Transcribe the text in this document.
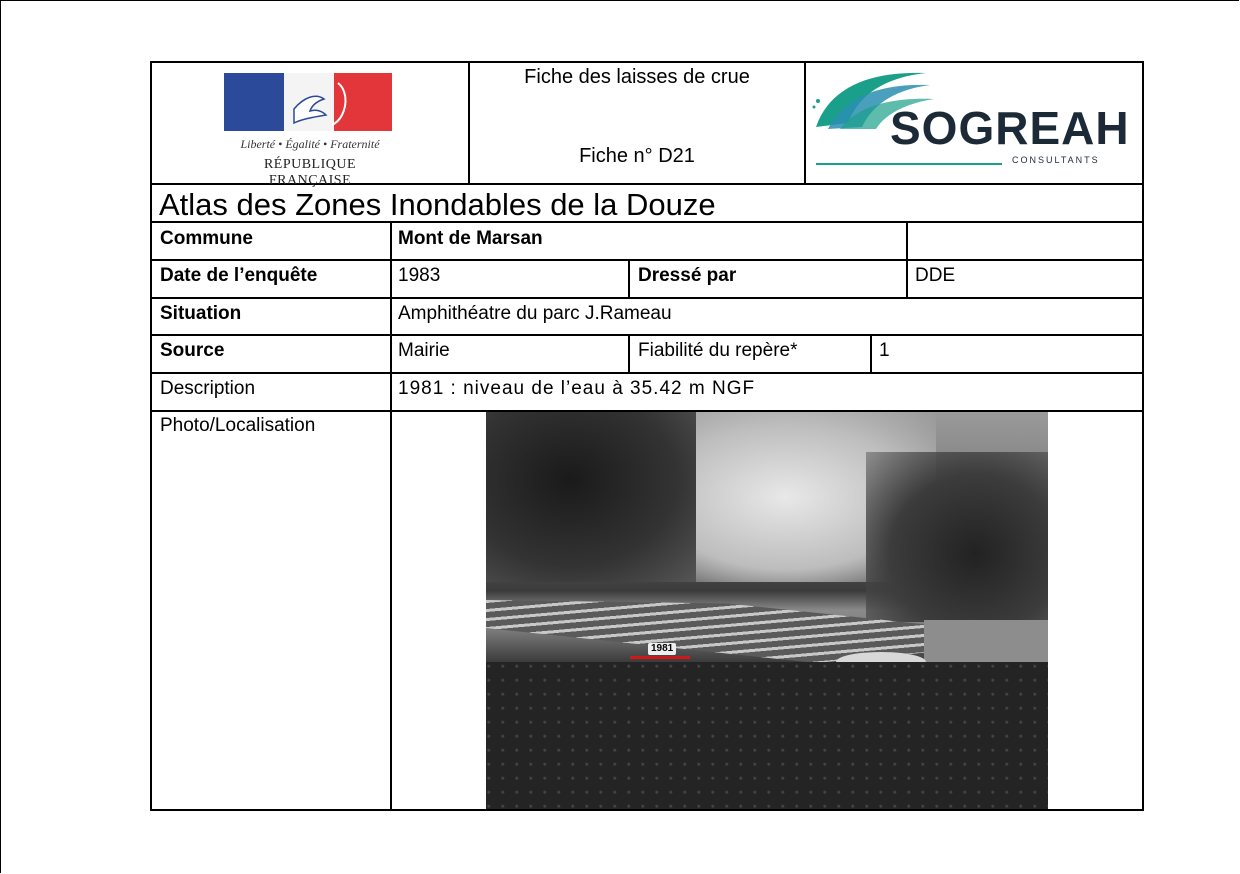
Liberté • Égalité • Fraternité
RÉPUBLIQUE FRANÇAISE
Fiche des laisses de crue
Fiche n° D21
SOGREAH
CONSULTANTS
Atlas des Zones Inondables de la Douze
Commune	Mont de Marsan
Date de l’enquête	1983	Dressé par	DDE
Situation	Amphithéatre du parc J.Rameau
Source	Mairie	Fiabilité du repère*	1
Description	1981 : niveau de l’eau à 35.42 m NGF
Photo/Localisation
1981
